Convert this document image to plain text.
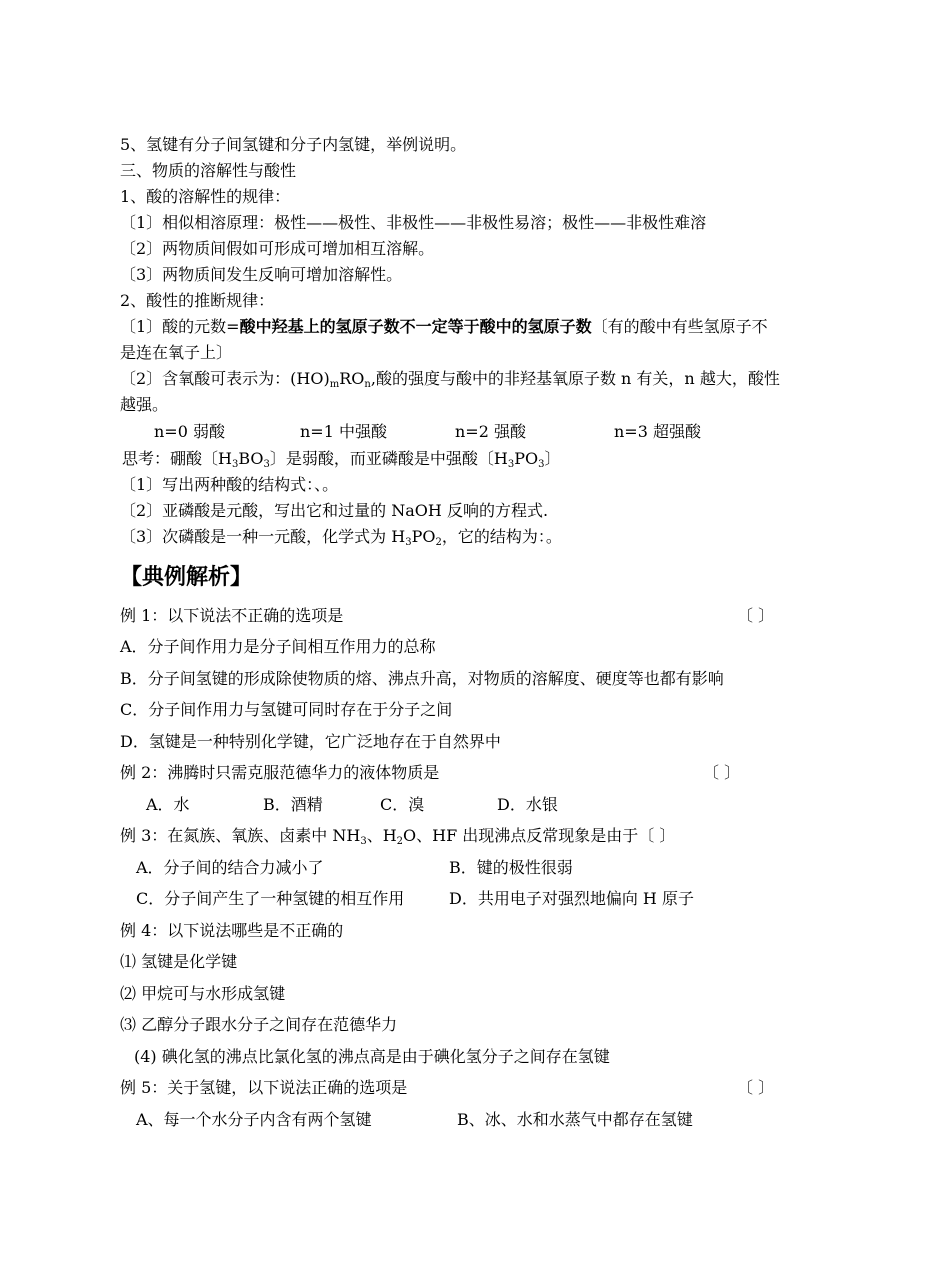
5、氢键有分子间氢键和分子内氢键，举例说明。
三、物质的溶解性与酸性
1、酸的溶解性的规律：
〔1〕相似相溶原理：极性——极性、非极性——非极性易溶；极性——非极性难溶
〔2〕两物质间假如可形成可增加相互溶解。
〔3〕两物质间发生反响可增加溶解性。
2、酸性的推断规律：
〔1〕酸的元数=酸中羟基上的氢原子数不一定等于酸中的氢原子数〔有的酸中有些氢原子不
是连在氧子上〕
〔2〕含氧酸可表示为：$(HO)_mRO_n$,酸的强度与酸中的非羟基氧原子数 n 有关，n 越大，酸性
越强。
n=0 弱酸	n=1 中强酸	n=2 强酸	n=3 超强酸
思考：硼酸〔$H_3BO_3$〕是弱酸，而亚磷酸是中强酸〔$H_3PO_3$〕
〔1〕写出两种酸的结构式：、。
〔2〕亚磷酸是元酸，写出它和过量的 NaOH 反响的方程式.
〔3〕次磷酸是一种一元酸，化学式为 $H_3PO_2$，它的结构为：。
【典例解析】
例 1：以下说法不正确的选项是	〔 〕
A．分子间作用力是分子间相互作用力的总称
B．分子间氢键的形成除使物质的熔、沸点升高，对物质的溶解度、硬度等也都有影响
C．分子间作用力与氢键可同时存在于分子之间
D．氢键是一种特别化学键，它广泛地存在于自然界中
例 2：沸腾时只需克服范德华力的液体物质是	〔 〕
A．水	B．酒精	C．溴	D．水银
例 3：在氮族、氧族、卤素中 $NH_3$、$H_2O$、HF 出现沸点反常现象是由于〔 〕
A．分子间的结合力减小了	B．键的极性很弱
C．分子间产生了一种氢键的相互作用	D．共用电子对强烈地偏向 H 原子
例 4：以下说法哪些是不正确的
⑴ 氢键是化学键
⑵ 甲烷可与水形成氢键
⑶ 乙醇分子跟水分子之间存在范德华力
(4) 碘化氢的沸点比氯化氢的沸点高是由于碘化氢分子之间存在氢键
例 5：关于氢键，以下说法正确的选项是	〔 〕
A、每一个水分子内含有两个氢键	B、冰、水和水蒸气中都存在氢键
